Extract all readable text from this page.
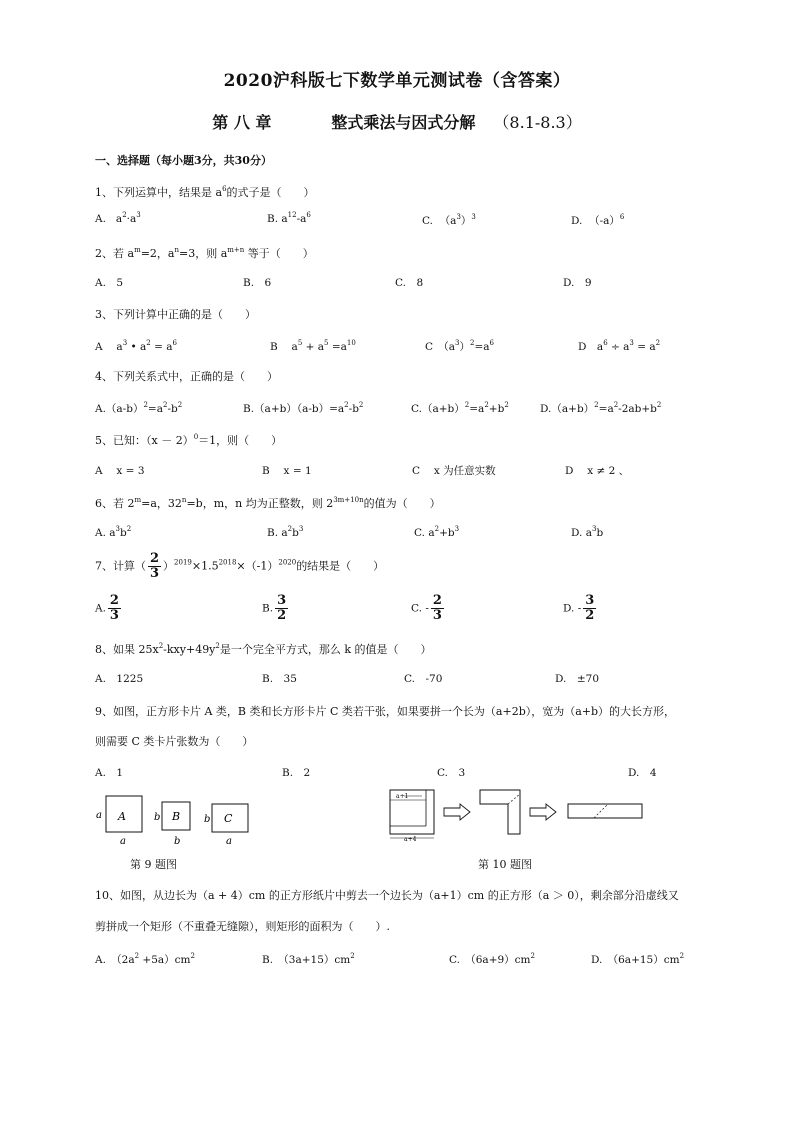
2020沪科版七下数学单元测试卷（含答案）
第 八 章	整式乘法与因式分解 （8.1-8.3）
一、选择题（每小题3分，共30分）
1、下列运算中，结果是 $a^6$的式子是（　　）
A.   $a^2\cdot a^3$	B. $a^{12}-a^6$	C.  $(a^3)^3$	D.  $(-a)^6$
2、若 $a^m=2$，$a^n=3$，则 $a^{m+n}$ 等于（　　）
A.　5	B.　6	C.　8	D.　9
3、下列计算中正确的是（　　）
A　 $a^3$ • $a^2 = a^6$	B　 $a^5 + a^5 =a^{10}$	C　$(a^3)^2=a^6$	D　$a^6 \div a^3 = a^2$
4、下列关系式中，正确的是（　　）
$A.(a-b)^2=a^2-b^2$	$B.(a+b)(a-b)=a^2-b^2$	$C.(a+b)^2=a^2+b^2$	$D.(a+b)^2=a^2-2ab+b^2$
5、已知：$(x - 2)^0=1$，则（　　）
A　 x = 3	B　 x = 1	C　 x 为任意实数	D　 x ≠ 2 、
6、若 $2^m=a$，$32^n=b$，m，n 均为正整数，则 $2^{3m+10n}$的值为（　　）
A. $a^3b^2$	B. $a^2b^3$	C. $a^2+b^3$	D. $a^3b$
7、计算（ $\frac{2}{3} )^{2019}\times 1.5^{2018}\times(-1)^{2020}$的结果是（　　）
A. $\frac{2}{3}$	B. $\frac{3}{2}$	C. - $\frac{2}{3}$	D. - $\frac{3}{2}$
8、如果 $25x^2-kxy+49y^2$是一个完全平方式，那么 k 的值是（　　）
A.　1225	B.　35	C.　-70	D.　±70
9、如图，正方形卡片 A 类，B 类和长方形卡片 C 类若干张，如果要拼一个长为（a+2b），宽为（a+b）的大长方形，
则需要 C 类卡片张数为（　　）
A.　1	B.　2	C.　3	D.　4
A
a
a
B
b
b
C
b
a
第 9 题图
a+1
a+4
第 10 题图
10、如图，从边长为（a + 4）cm 的正方形纸片中剪去一个边长为（a+1）cm 的正方形（a ＞ 0），剩余部分沿虚线又
剪拼成一个矩形（不重叠无缝隙），则矩形的面积为（　　）.
A.　$(2a^2 +5a)cm^2$	B.　$(3a+15)cm^2$	C.　$(6a+9)cm^2$	D.　$(6a+15)cm^2$
